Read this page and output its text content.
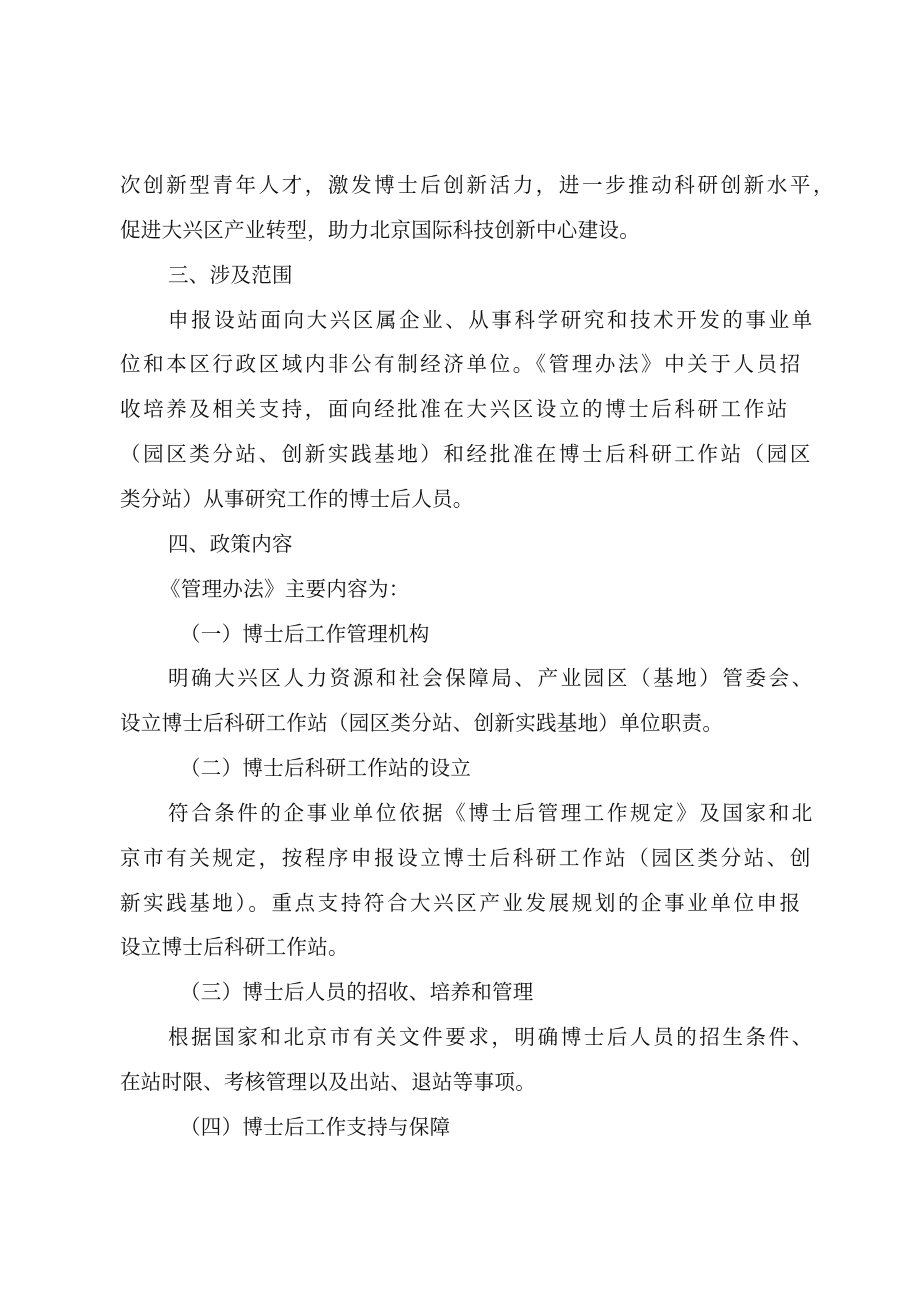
次创新型青年人才，激发博士后创新活力，进一步推动科研创新水平，

促进大兴区产业转型，助力北京国际科技创新中心建设。

三、涉及范围

申报设站面向大兴区属企业、从事科学研究和技术开发的事业单

位和本区行政区域内非公有制经济单位。《管理办法》中关于人员招

收培养及相关支持，面向经批准在大兴区设立的博士后科研工作站

（园区类分站、创新实践基地）和经批准在博士后科研工作站（园区

类分站）从事研究工作的博士后人员。

四、政策内容

《管理办法》主要内容为：

（一）博士后工作管理机构

明确大兴区人力资源和社会保障局、产业园区（基地）管委会、

设立博士后科研工作站（园区类分站、创新实践基地）单位职责。

（二）博士后科研工作站的设立

符合条件的企事业单位依据《博士后管理工作规定》及国家和北

京市有关规定，按程序申报设立博士后科研工作站（园区类分站、创

新实践基地）。重点支持符合大兴区产业发展规划的企事业单位申报

设立博士后科研工作站。

（三）博士后人员的招收、培养和管理

根据国家和北京市有关文件要求，明确博士后人员的招生条件、

在站时限、考核管理以及出站、退站等事项。

（四）博士后工作支持与保障
